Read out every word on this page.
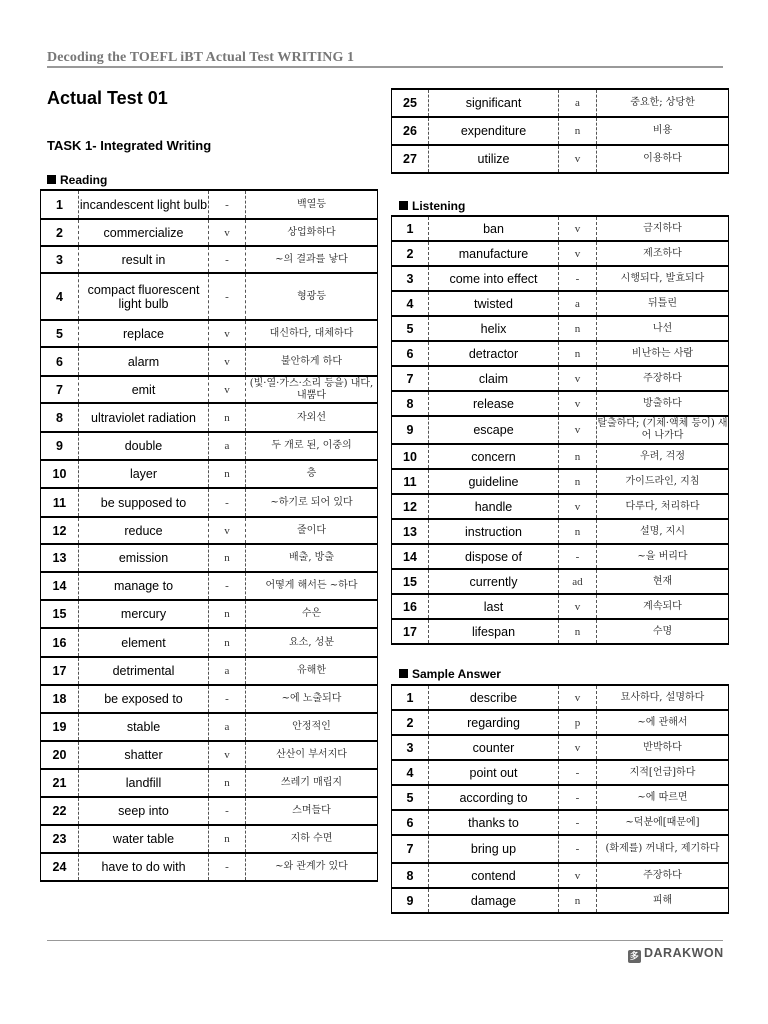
Decoding the TOEFL iBT Actual Test WRITING 1
Actual Test 01
TASK 1- Integrated Writing
Reading
1	incandescent light bulb	-	백열등
2	commercialize	v	상업화하다
3	result in	-	~의 결과를 낳다
4	compact fluorescent light bulb	-	형광등
5	replace	v	대신하다, 대체하다
6	alarm	v	불안하게 하다
7	emit	v	(빛·열·가스·소리 등을) 내다, 내뿜다
8	ultraviolet radiation	n	자외선
9	double	a	두 개로 된, 이중의
10	layer	n	층
11	be supposed to	-	~하기로 되어 있다
12	reduce	v	줄이다
13	emission	n	배출, 방출
14	manage to	-	어떻게 해서든 ~하다
15	mercury	n	수은
16	element	n	요소, 성분
17	detrimental	a	유해한
18	be exposed to	-	~에 노출되다
19	stable	a	안정적인
20	shatter	v	산산이 부서지다
21	landfill	n	쓰레기 매립지
22	seep into	-	스며들다
23	water table	n	지하 수면
24	have to do with	-	~와 관계가 있다
25	significant	a	중요한; 상당한
26	expenditure	n	비용
27	utilize	v	이용하다
Listening
1	ban	v	금지하다
2	manufacture	v	제조하다
3	come into effect	-	시행되다, 발효되다
4	twisted	a	뒤틀린
5	helix	n	나선
6	detractor	n	비난하는 사람
7	claim	v	주장하다
8	release	v	방출하다
9	escape	v	탈출하다; (기체·액체 등이) 새어 나가다
10	concern	n	우려, 걱정
11	guideline	n	가이드라인, 지침
12	handle	v	다루다, 처리하다
13	instruction	n	설명, 지시
14	dispose of	-	~을 버리다
15	currently	ad	현재
16	last	v	계속되다
17	lifespan	n	수명
Sample Answer
1	describe	v	묘사하다, 설명하다
2	regarding	p	~에 관해서
3	counter	v	반박하다
4	point out	-	지적[언급]하다
5	according to	-	~에 따르면
6	thanks to	-	~덕분에[때문에]
7	bring up	-	(화제를) 꺼내다, 제기하다
8	contend	v	주장하다
9	damage	n	피해
多 DARAKWON
